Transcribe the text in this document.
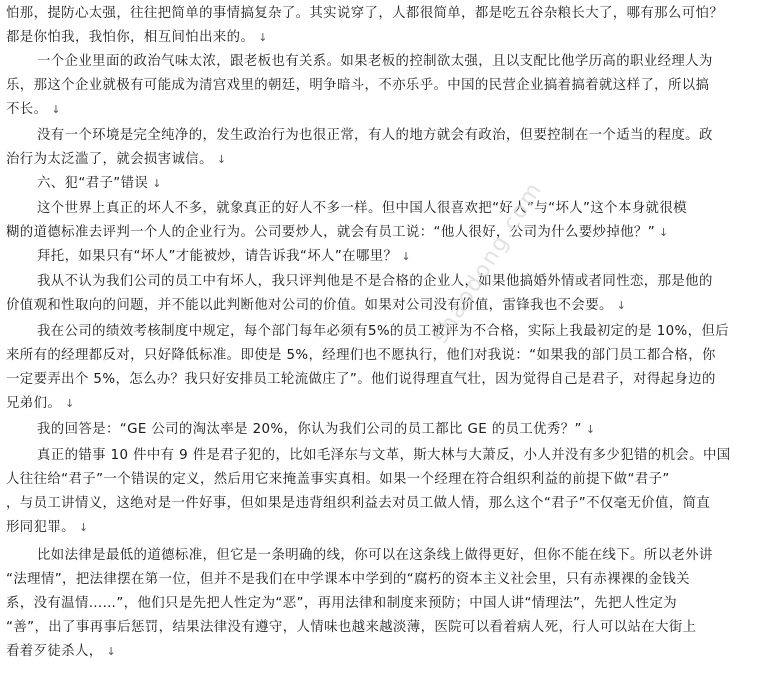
怕那，提防心太强，往往把简单的事情搞复杂了。其实说穿了，人都很简单，都是吃五谷杂粮长大了，哪有那么可怕？
都是你怕我，我怕你，相互间怕出来的。 ↓
一个企业里面的政治气味太浓，跟老板也有关系。如果老板的控制欲太强，且以支配比他学历高的职业经理人为
乐，那这个企业就极有可能成为清宫戏里的朝廷，明争暗斗，不亦乐乎。中国的民营企业搞着搞着就这样了，所以搞
不长。 ↓
没有一个环境是完全纯净的，发生政治行为也很正常，有人的地方就会有政治，但要控制在一个适当的程度。政
治行为太泛滥了，就会损害诚信。 ↓
六、犯“君子”错误 ↓
这个世界上真正的坏人不多，就象真正的好人不多一样。但中国人很喜欢把“好人”与“坏人”这个本身就很模
糊的道德标准去评判一个人的企业行为。公司要炒人，就会有员工说：“他人很好，公司为什么要炒掉他？” ↓
拜托，如果只有“坏人”才能被炒，请告诉我“坏人”在哪里？ ↓
我从不认为我们公司的员工中有坏人，我只评判他是不是合格的企业人，如果他搞婚外情或者同性恋，那是他的
价值观和性取向的问题，并不能以此判断他对公司的价值。如果对公司没有价值，雷锋我也不会要。 ↓
我在公司的绩效考核制度中规定，每个部门每年必须有5%的员工被评为不合格，实际上我最初定的是 10%，但后
来所有的经理都反对，只好降低标准。即使是 5%，经理们也不愿执行，他们对我说：“如果我的部门员工都合格，你
一定要弄出个 5%，怎么办？我只好安排员工轮流做庄了”。他们说得理直气壮，因为觉得自己是君子，对得起身边的
兄弟们。 ↓
我的回答是：“GE 公司的淘汰率是 20%，你认为我们公司的员工都比 GE 的员工优秀？” ↓
真正的错事 10 件中有 9 件是君子犯的，比如毛泽东与文革，斯大林与大萧反，小人并没有多少犯错的机会。中国
人往往给“君子”一个错误的定义，然后用它来掩盖事实真相。如果一个经理在符合组织利益的前提下做“君子”
，与员工讲情义，这绝对是一件好事，但如果是违背组织利益去对员工做人情，那么这个“君子”不仅毫无价值，简直
形同犯罪。 ↓
比如法律是最低的道德标准，但它是一条明确的线，你可以在这条线上做得更好，但你不能在线下。所以老外讲
“法理情”，把法律摆在第一位，但并不是我们在中学课本中学到的“腐朽的资本主义社会里，只有赤裸裸的金钱关
系，没有温情……”，他们只是先把人性定为“恶”，再用法律和制度来预防；中国人讲“情理法”，先把人性定为
“善”，出了事再事后惩罚，结果法律没有遵守，人情味也越来越淡薄，医院可以看着病人死，行人可以站在大街上
看着歹徒杀人， ↓
shaodong.com
